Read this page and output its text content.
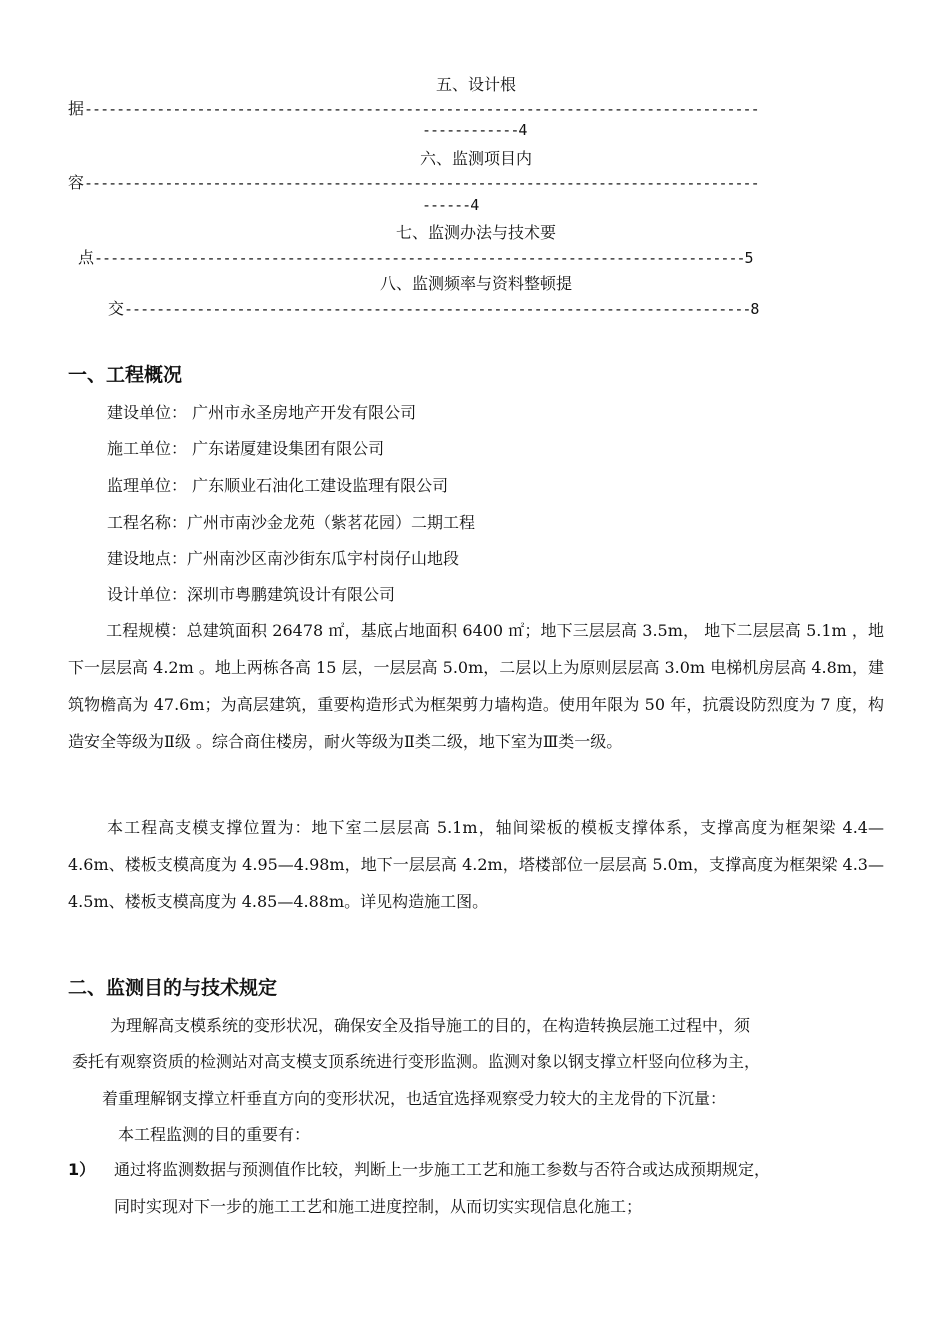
五、设计根
据------------------------------------------------------------------------------------
------------4
六、监测项目内
容------------------------------------------------------------------------------------
------4
七、监测办法与技术要
点---------------------------------------------------------------------------------5
八、监测频率与资料整顿提
交------------------------------------------------------------------------------8
一、工程概况
建设单位： 广州市永圣房地产开发有限公司
施工单位： 广东诺厦建设集团有限公司
监理单位： 广东顺业石油化工建设监理有限公司
工程名称：广州市南沙金龙苑（紫茗花园）二期工程
建设地点：广州南沙区南沙街东瓜宇村岗仔山地段
设计单位：深圳市粤鹏建筑设计有限公司
工程规模：总建筑面积 26478 ㎡，基底占地面积 6400 ㎡；地下三层层高 3.5m， 地下二层层高 5.1m ，地下一层层高 4.2m 。地上两栋各高 15 层，一层层高 5.0m，二层以上为原则层层高 3.0m 电梯机房层高 4.8m，建筑物檐高为 47.6m；为高层建筑，重要构造形式为框架剪力墙构造。使用年限为 50 年，抗震设防烈度为 7 度，构造安全等级为Ⅱ级 。综合商住楼房，耐火等级为Ⅱ类二级，地下室为Ⅲ类一级。
本工程高支模支撑位置为：地下室二层层高 5.1m，轴间梁板的模板支撑体系，支撑高度为框架梁 4.4—4.6m、楼板支模高度为 4.95—4.98m，地下一层层高 4.2m，塔楼部位一层层高 5.0m，支撑高度为框架梁 4.3—4.5m、楼板支模高度为 4.85—4.88m。详见构造施工图。
二、监测目的与技术规定
为理解高支模系统的变形状况，确保安全及指导施工的目的，在构造转换层施工过程中，须
委托有观察资质的检测站对高支模支顶系统进行变形监测。监测对象以钢支撑立杆竖向位移为主，
着重理解钢支撑立杆垂直方向的变形状况，也适宜选择观察受力较大的主龙骨的下沉量：
本工程监测的目的重要有：
1） 通过将监测数据与预测值作比较，判断上一步施工工艺和施工参数与否符合或达成预期规定，
同时实现对下一步的施工工艺和施工进度控制，从而切实实现信息化施工；
